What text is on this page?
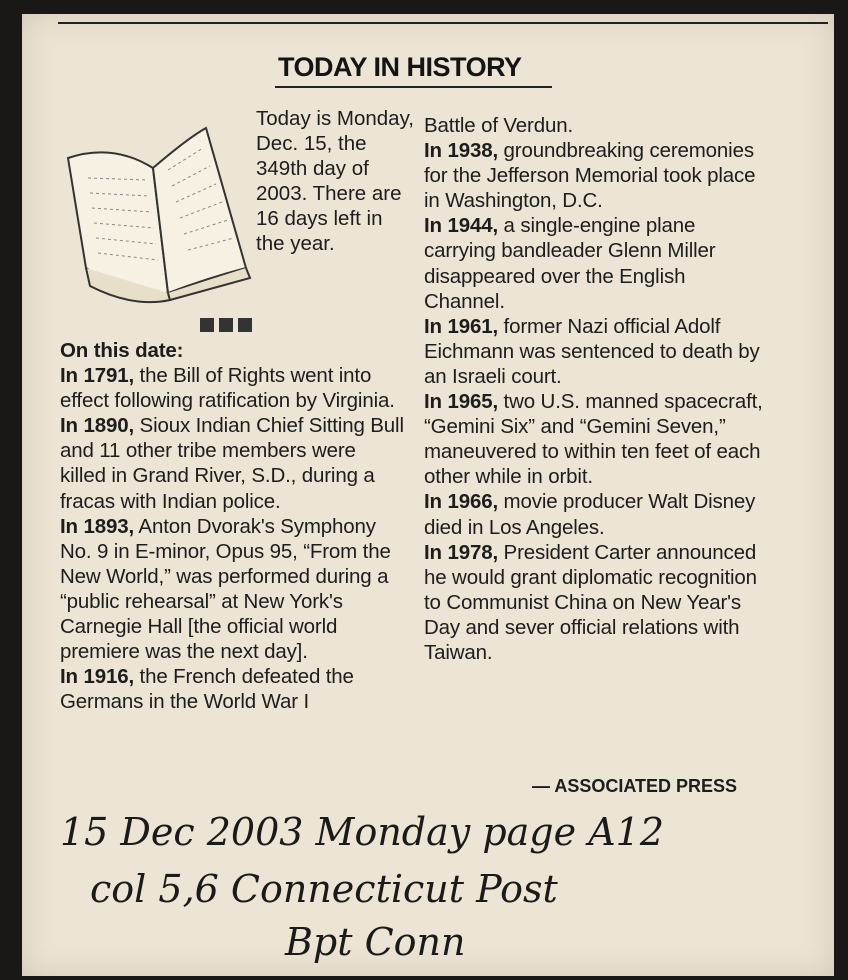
TODAY IN HISTORY

Today is Monday, Dec. 15, the 349th day of 2003. There are 16 days left in the year.

On this date:
In 1791, the Bill of Rights went into effect following ratification by Virginia.
In 1890, Sioux Indian Chief Sitting Bull and 11 other tribe members were killed in Grand River, S.D., during a fracas with Indian police.
In 1893, Anton Dvorak's Symphony No. 9 in E-minor, Opus 95, “From the New World,” was performed during a “public rehearsal” at New York's Carnegie Hall [the official world premiere was the next day].
In 1916, the French defeated the Germans in the World War I

Battle of Verdun.
In 1938, groundbreaking ceremonies for the Jefferson Memorial took place in Washington, D.C.
In 1944, a single-engine plane carrying bandleader Glenn Miller disappeared over the English Channel.
In 1961, former Nazi official Adolf Eichmann was sentenced to death by an Israeli court.
In 1965, two U.S. manned spacecraft, “Gemini Six” and “Gemini Seven,” maneuvered to within ten feet of each other while in orbit.
In 1966, movie producer Walt Disney died in Los Angeles.
In 1978, President Carter announced he would grant diplomatic recognition to Communist China on New Year's Day and sever official relations with Taiwan.

— ASSOCIATED PRESS

15 Dec 2003 Monday page A12
col 5,6 Connecticut Post
Bpt Conn
